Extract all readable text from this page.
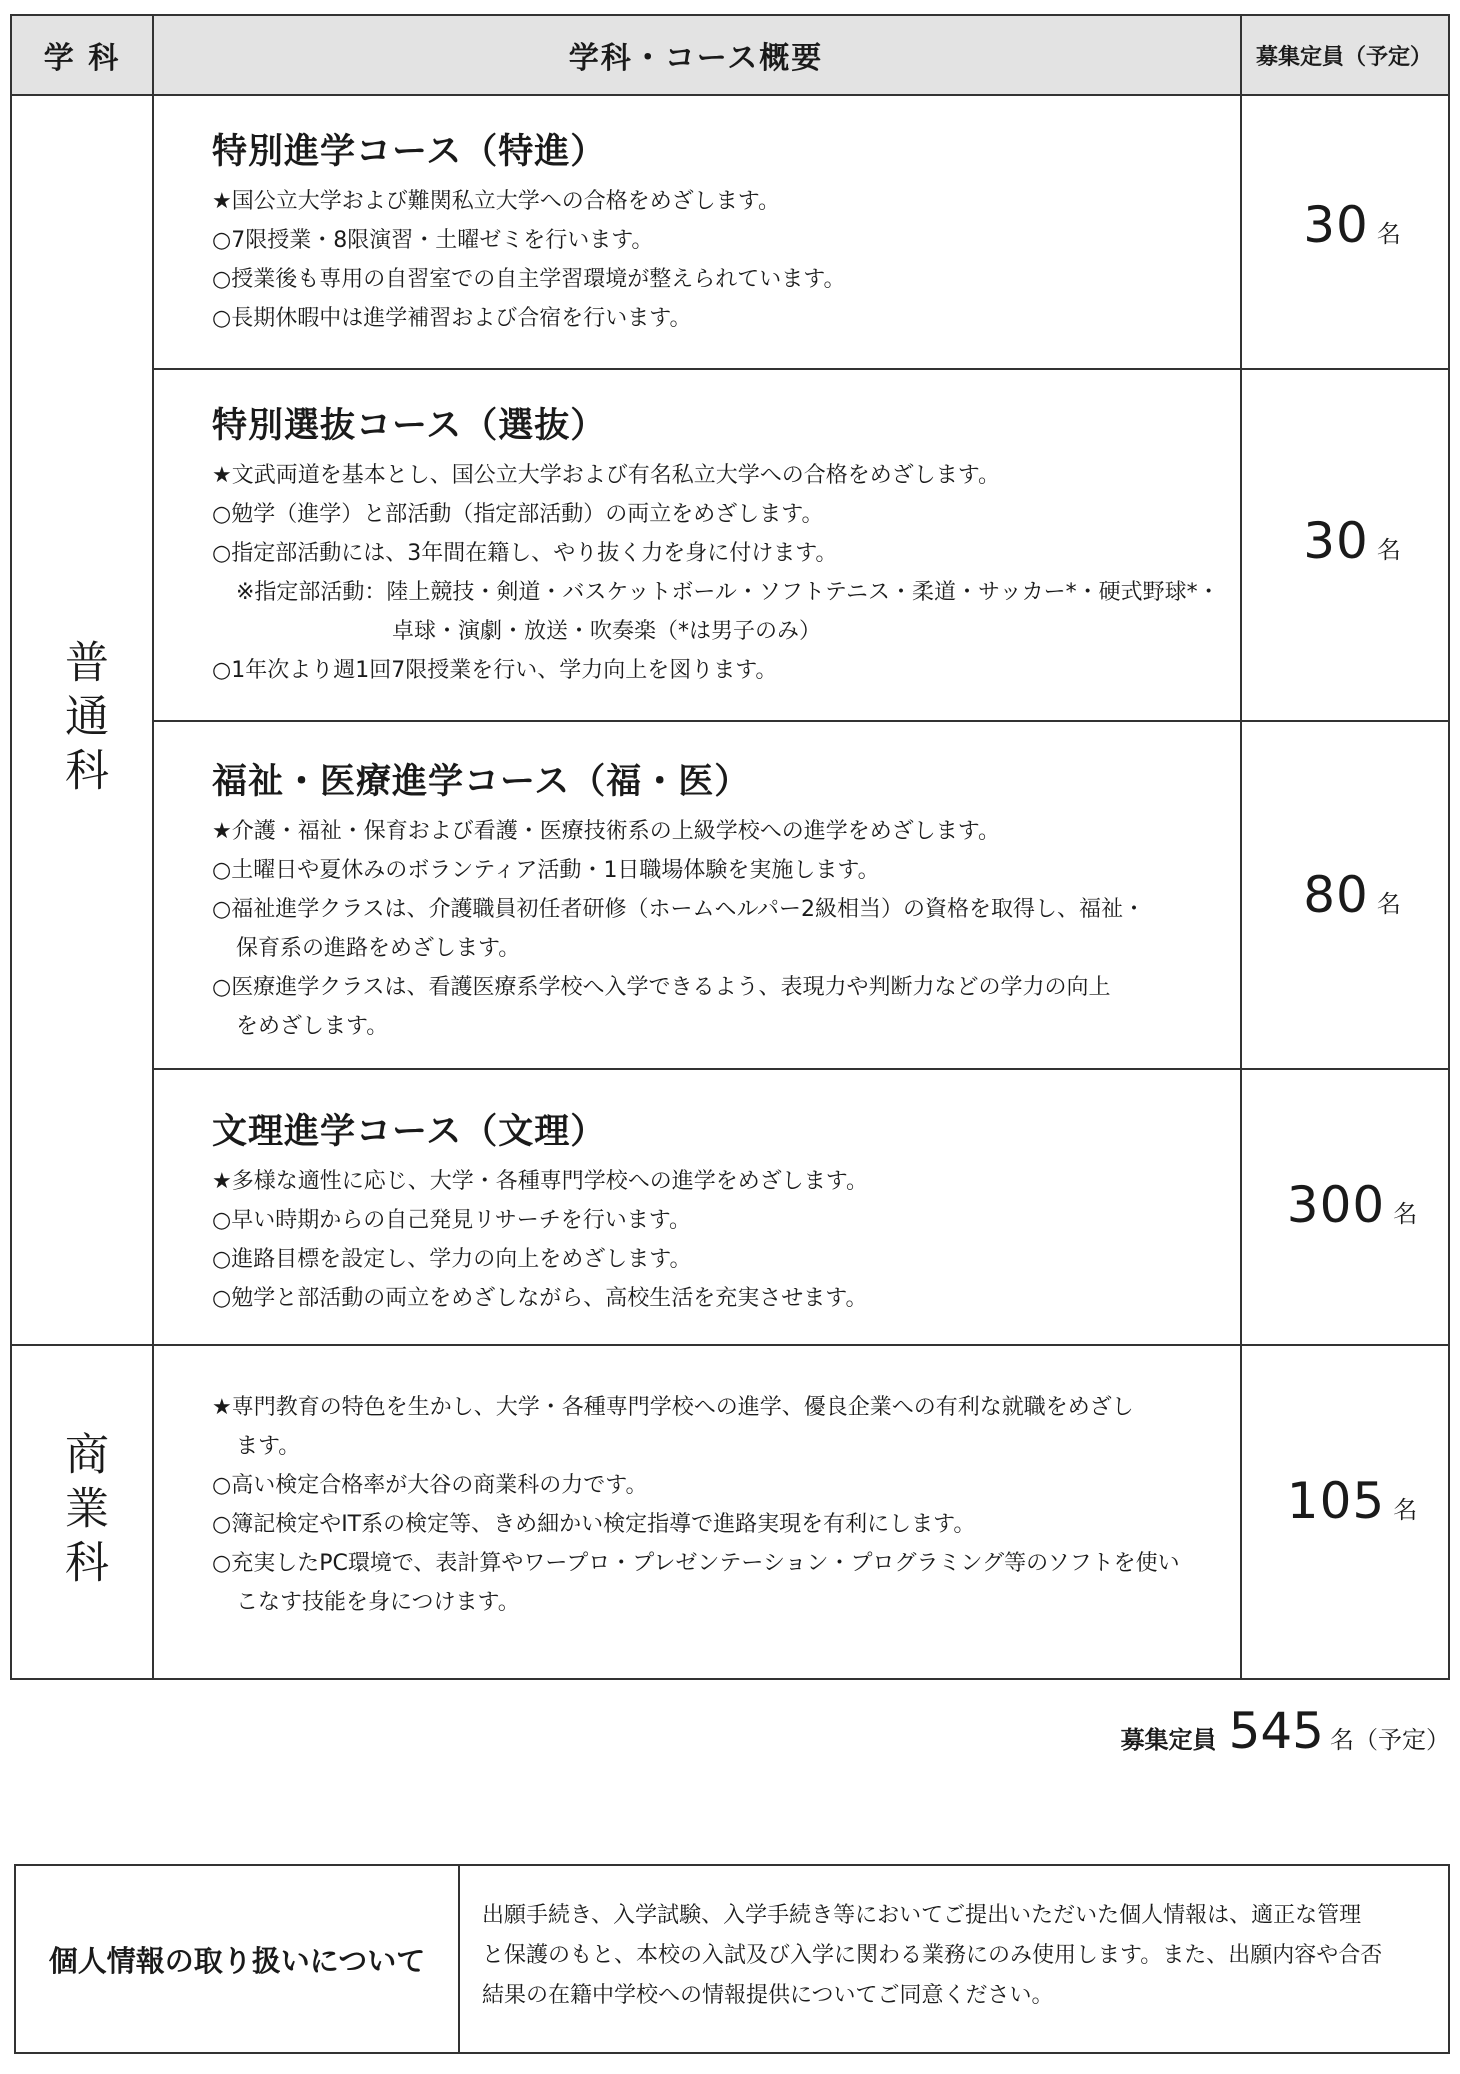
学 科	学科・コース概要	募集定員（予定）
普通科
商業科

特別進学コース（特進）

★国公立大学および難関私立大学への合格をめざします。

○7限授業・8限演習・土曜ゼミを行います。

○授業後も専用の自習室での自主学習環境が整えられています。

○長期休暇中は進学補習および合宿を行います。

30 名

特別選抜コース（選抜）

★文武両道を基本とし、国公立大学および有名私立大学への合格をめざします。

○勉学（進学）と部活動（指定部活動）の両立をめざします。

○指定部活動には、3年間在籍し、やり抜く力を身に付けます。

※指定部活動：陸上競技・剣道・バスケットボール・ソフトテニス・柔道・サッカー*・硬式野球*・

卓球・演劇・放送・吹奏楽（*は男子のみ）

○1年次より週1回7限授業を行い、学力向上を図ります。

30 名

福祉・医療進学コース（福・医）

★介護・福祉・保育および看護・医療技術系の上級学校への進学をめざします。

○土曜日や夏休みのボランティア活動・1日職場体験を実施します。

○福祉進学クラスは、介護職員初任者研修（ホームヘルパー2級相当）の資格を取得し、福祉・

保育系の進路をめざします。

○医療進学クラスは、看護医療系学校へ入学できるよう、表現力や判断力などの学力の向上

をめざします。

80 名

文理進学コース（文理）

★多様な適性に応じ、大学・各種専門学校への進学をめざします。

○早い時期からの自己発見リサーチを行います。

○進路目標を設定し、学力の向上をめざします。

○勉学と部活動の両立をめざしながら、高校生活を充実させます。

300 名

★専門教育の特色を生かし、大学・各種専門学校への進学、優良企業への有利な就職をめざし

ます。

○高い検定合格率が大谷の商業科の力です。

○簿記検定やIT系の検定等、きめ細かい検定指導で進路実現を有利にします。

○充実したPC環境で、表計算やワープロ・プレゼンテーション・プログラミング等のソフトを使い

こなす技能を身につけます。

105 名
募集定員 545 名（予定）
個人情報の取り扱いについて

出願手続き、入学試験、入学手続き等においてご提出いただいた個人情報は、適正な管理

と保護のもと、本校の入試及び入学に関わる業務にのみ使用します。また、出願内容や合否

結果の在籍中学校への情報提供についてご同意ください。
